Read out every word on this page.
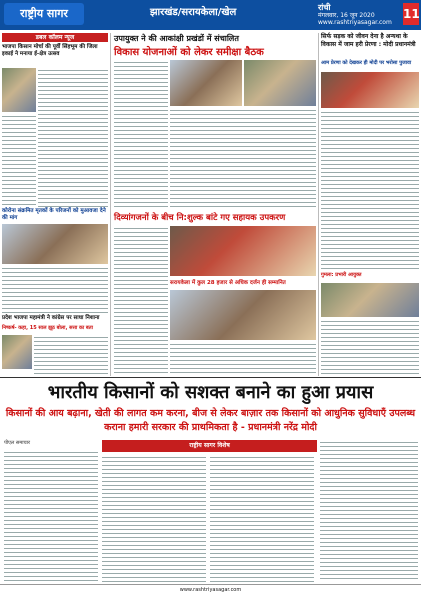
राष्ट्रीय सागर	झारखंड/सरायकेला/खेल	रांची
मंगलवार, 16 जून 2020
www.rashtriyasagar.com
11
डबल कॉलम न्यूज
भाजपा किसान मोर्चा की पूर्वी सिंहभूम की जिला इकाई ने मनाया ई-क्षेत्र उत्सव
कोरोना संक्रमित मृतकों के परिजनों को मुआवजा देने की मांग
प्रदेश भाजपा महामंत्री ने कांग्रेस पर साधा निशाना
निष्कर्ष- कहा, 15 साल झूठ बोला, सत्ता का बता
उपायुक्त ने की आकांक्षी प्रखंडों में संचालित
विकास योजनाओं को लेकर समीक्षा बैठक
दिव्यांगजनों के बीच नि:शुल्क बांटे गए सहायक उपकरण
सरायकेला में कुल 28 हजार से अधिक दर्जन ही सम्मानित
सिर्फ सड़क को जीवन देना है अन्यथा के विकास में जाम हरी प्रेरणा : मोदी प्रधानमंत्री
आम प्रेरणा को देखकर ही मोदी पर भरोसा पुजावा
गुमला: प्रभारी आयुक्त
भारतीय किसानों को सशक्त बनाने का हुआ प्रयास
किसानों की आय बढ़ाना, खेती की लागत कम करना, बीज से लेकर बाज़ार तक किसानों को आधुनिक सुविधाएँ उपलब्ध कराना हमारी सरकार की प्राथमिकता है - प्रधानमंत्री नरेंद्र मोदी
राष्ट्रीय सागर विशेष
पीएल समाचार
www.rashtriyasagar.com
